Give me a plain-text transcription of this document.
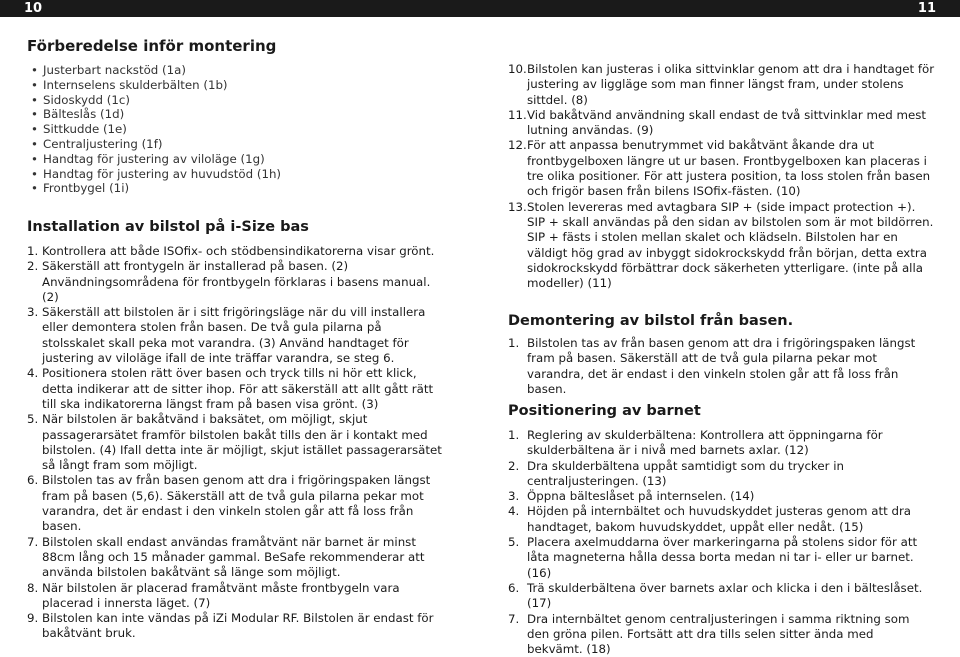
10	11
Förberedelse inför montering
• Justerbart nackstöd (1a)
• Internselens skulderbälten (1b)
• Sidoskydd (1c)
• Bälteslås (1d)
• Sittkudde (1e)
• Centraljustering (1f)
• Handtag för justering av viloläge (1g)
• Handtag för justering av huvudstöd (1h)
• Frontbygel (1i)
Installation av bilstol på i-Size bas
1. Kontrollera att både ISOfix- och stödbensindikatorerna visar grönt.
2. Säkerställ att frontygeln är installerad på basen. (2) Användningsområdena för frontbygeln förklaras i basens manual. (2)
3. Säkerställ att bilstolen är i sitt frigöringsläge när du vill installera eller demontera stolen från basen. De två gula pilarna på stolsskalet skall peka mot varandra. (3) Använd handtaget för justering av viloläge ifall de inte träffar varandra, se steg 6.
4. Positionera stolen rätt över basen och tryck tills ni hör ett klick, detta indikerar att de sitter ihop. För att säkerställ att allt gått rätt till ska indikatorerna längst fram på basen visa grönt. (3)
5. När bilstolen är bakåtvänd i baksätet, om möjligt, skjut passagerarsätet framför bilstolen bakåt tills den är i kontakt med bilstolen. (4) Ifall detta inte är möjligt, skjut istället passagerarsätet så långt fram som möjligt.
6. Bilstolen tas av från basen genom att dra i frigöringspaken längst fram på basen (5,6). Säkerställ att de två gula pilarna pekar mot varandra, det är endast i den vinkeln stolen går att få loss från basen.
7. Bilstolen skall endast användas framåtvänt när barnet är minst 88cm lång och 15 månader gammal. BeSafe rekommenderar att använda bilstolen bakåtvänt så länge som möjligt.
8. När bilstolen är placerad framåtvänt måste frontbygeln vara placerad i innersta läget. (7)
9. Bilstolen kan inte vändas på iZi Modular RF. Bilstolen är endast för bakåtvänt bruk.
10. Bilstolen kan justeras i olika sittvinklar genom att dra i handtaget för justering av liggläge som man finner längst fram, under stolens sittdel. (8)
11. Vid bakåtvänd användning skall endast de två sittvinklar med mest lutning användas. (9)
12. För att anpassa benutrymmet vid bakåtvänt åkande dra ut frontbygelboxen längre ut ur basen. Frontbygelboxen kan placeras i tre olika positioner. För att justera position, ta loss stolen från basen och frigör basen från bilens ISOfix-fästen. (10)
13. Stolen levereras med avtagbara SIP + (side impact protection +). SIP + skall användas på den sidan av bilstolen som är mot bildörren. SIP + fästs i stolen mellan skalet och klädseln. Bilstolen har en väldigt hög grad av inbyggt sidokrockskydd från början, detta extra sidokrockskydd förbättrar dock säkerheten ytterligare. (inte på alla modeller) (11)
Demontering av bilstol från basen.
1. Bilstolen tas av från basen genom att dra i frigöringspaken längst fram på basen. Säkerställ att de två gula pilarna pekar mot varandra, det är endast i den vinkeln stolen går att få loss från basen.
Positionering av barnet
1. Reglering av skulderbältena: Kontrollera att öppningarna för skulderbältena är i nivå med barnets axlar. (12)
2. Dra skulderbältena uppåt samtidigt som du trycker in centraljusteringen. (13)
3. Öppna bälteslåset på internselen. (14)
4. Höjden på internbältet och huvudskyddet justeras genom att dra handtaget, bakom huvudskyddet, uppåt eller nedåt. (15)
5. Placera axelmuddarna över markeringarna på stolens sidor för att låta magneterna hålla dessa borta medan ni tar i- eller ur barnet. (16)
6. Trä skulderbältena över barnets axlar och klicka i den i bälteslåset. (17)
7. Dra internbältet genom centraljusteringen i samma riktning som den gröna pilen. Fortsätt att dra tills selen sitter ända med bekvämt. (18)
